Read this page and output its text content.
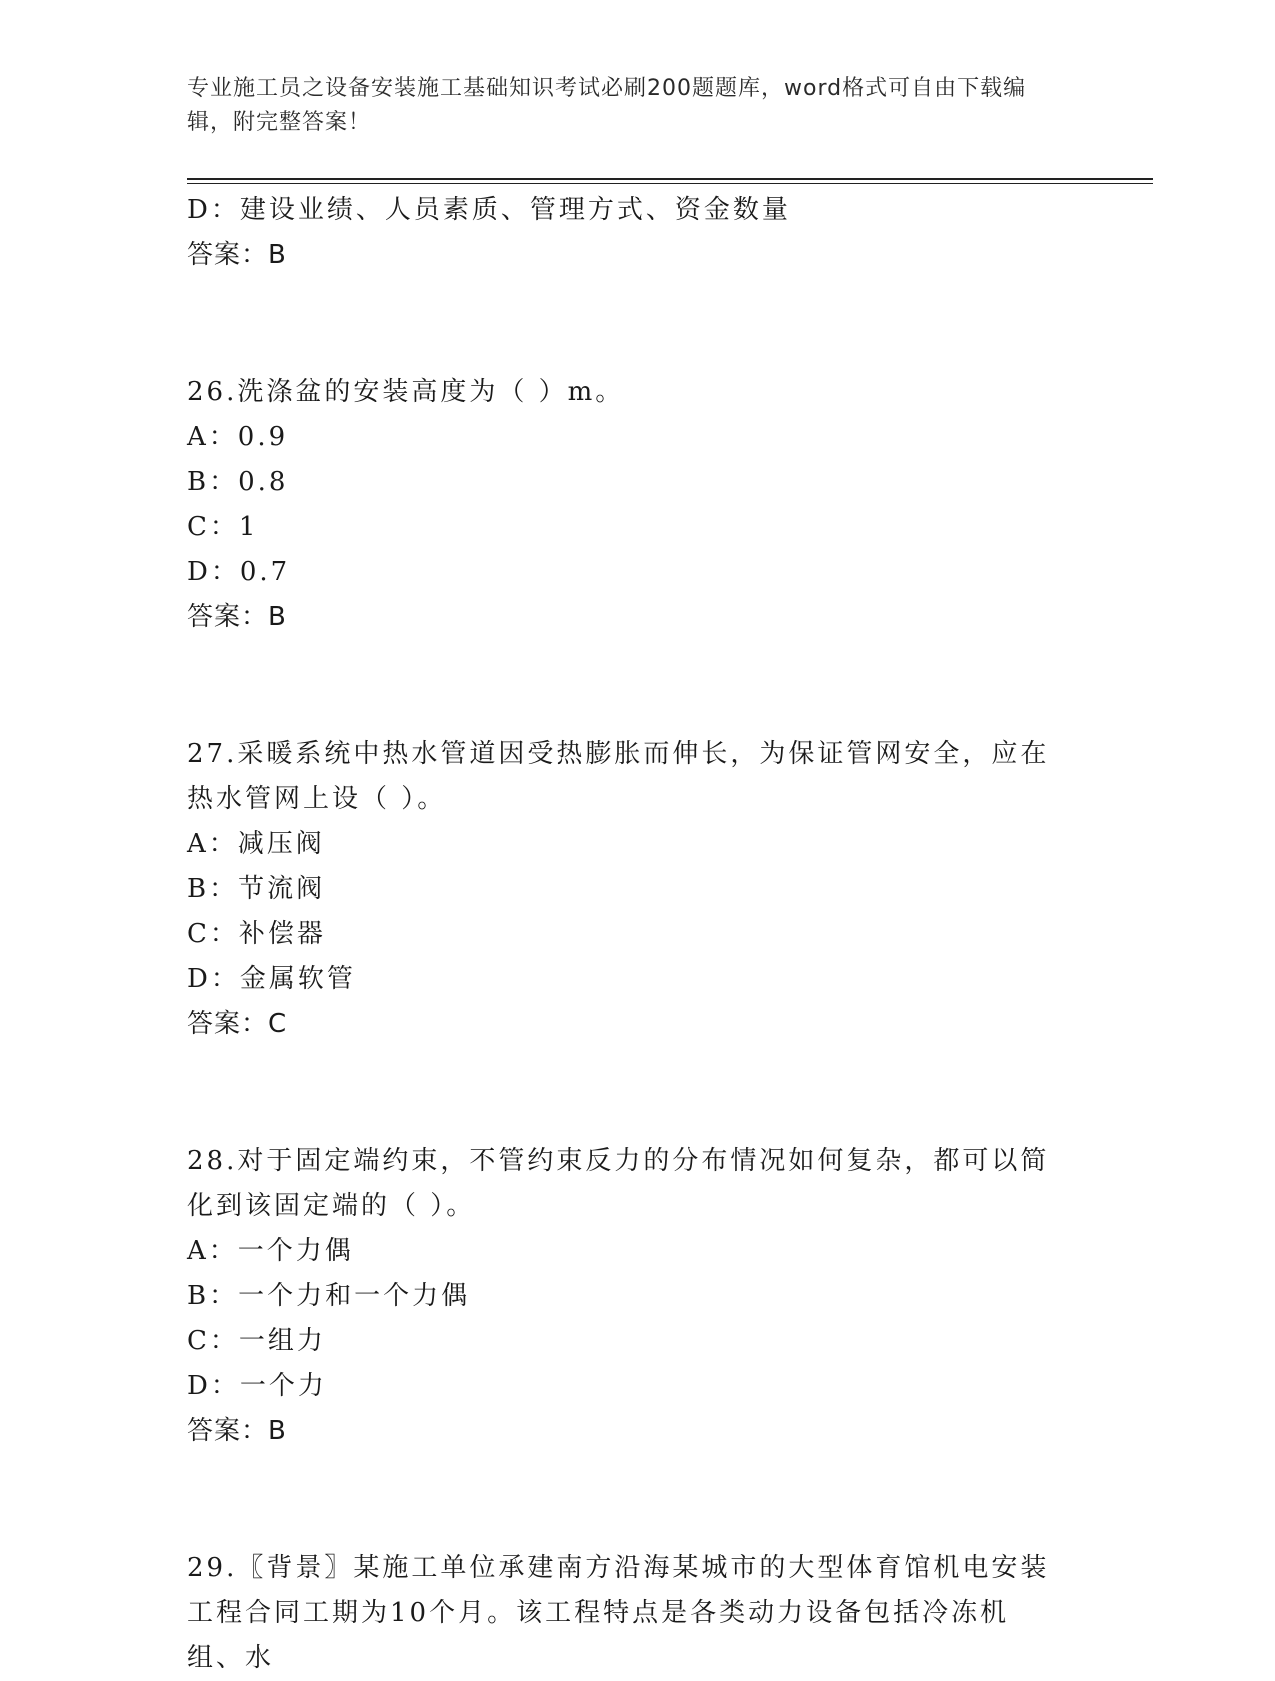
专业施工员之设备安装施工基础知识考试必刷200题题库，word格式可自由下载编辑，附完整答案！
D：建设业绩、人员素质、管理方式、资金数量
答案：B
26.洗涤盆的安装高度为（ ）m。
A：0.9
B：0.8
C：1
D：0.7
答案：B
27.采暖系统中热水管道因受热膨胀而伸长，为保证管网安全，应在热水管网上设（ ）。
A：减压阀
B：节流阀
C：补偿器
D：金属软管
答案：C
28.对于固定端约束，不管约束反力的分布情况如何复杂，都可以简化到该固定端的（ ）。
A：一个力偶
B：一个力和一个力偶
C：一组力
D：一个力
答案：B
29.〖背景〗某施工单位承建南方沿海某城市的大型体育馆机电安装工程合同工期为10个月。该工程特点是各类动力设备包括冷冻机组、水
